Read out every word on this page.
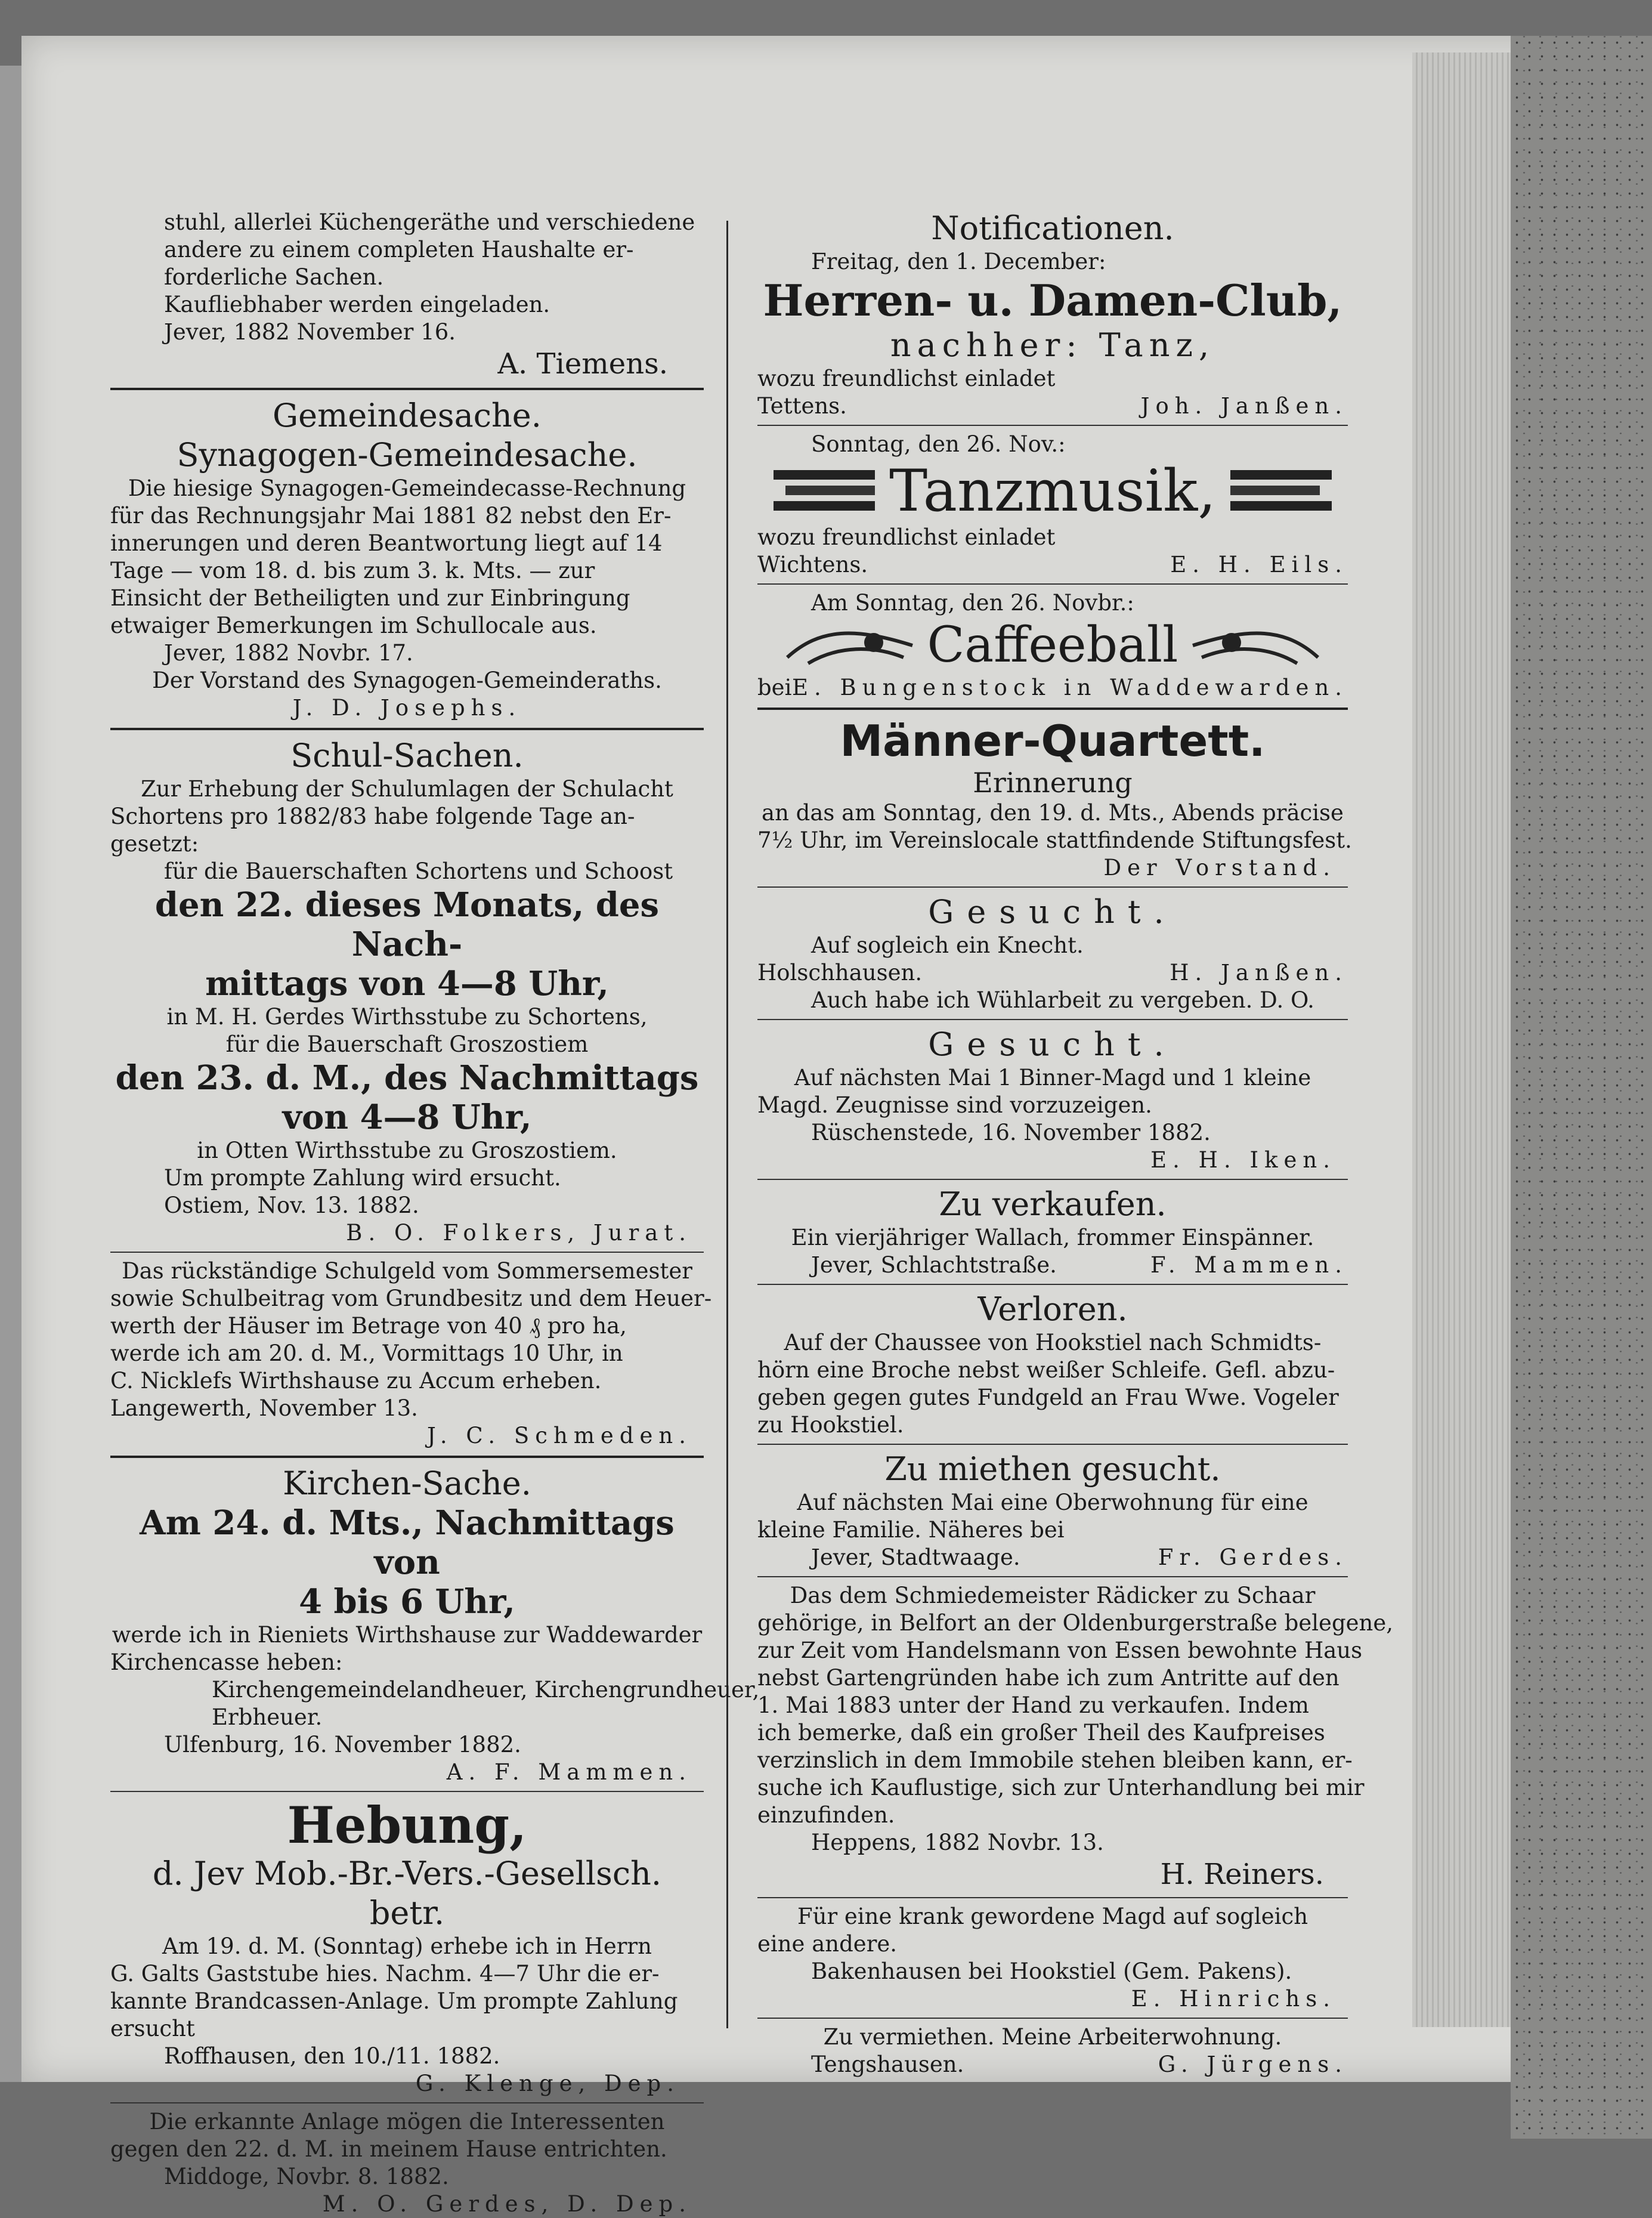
stuhl, allerlei Küchengeräthe und verschiedene
andere zu einem completen Haushalte er-
forderliche Sachen.
Kaufliebhaber werden eingeladen.
Jever, 1882 November 16.
A. Tiemens.
Gemeindesache.
Synagogen-Gemeindesache.
Die hiesige Synagogen-Gemeindecasse-Rechnung
für das Rechnungsjahr Mai 1881 82 nebst den Er-
innerungen und deren Beantwortung liegt auf 14
Tage — vom 18. d. bis zum 3. k. Mts. — zur
Einsicht der Betheiligten und zur Einbringung
etwaiger Bemerkungen im Schullocale aus.
Jever, 1882 Novbr. 17.
Der Vorstand des Synagogen-Gemeinderaths.
J. D. Josephs.
Schul-Sachen.
Zur Erhebung der Schulumlagen der Schulacht
Schortens pro 1882/83 habe folgende Tage an-
gesetzt:
für die Bauerschaften Schortens und Schoost
den 22. dieses Monats, des Nach-
mittags von 4—8 Uhr,
in M. H. Gerdes Wirthsstube zu Schortens,
für die Bauerschaft Groszostiem
den 23. d. M., des Nachmittags
von 4—8 Uhr,
in Otten Wirthsstube zu Groszostiem.
Um prompte Zahlung wird ersucht.
Ostiem, Nov. 13. 1882.
B. O. Folkers, Jurat.
Das rückständige Schulgeld vom Sommersemester
sowie Schulbeitrag vom Grundbesitz und dem Heuer-
werth der Häuser im Betrage von 40 ₰ pro ha,
werde ich am 20. d. M., Vormittags 10 Uhr, in
C. Nicklefs Wirthshause zu Accum erheben.
Langewerth, November 13.
J. C. Schmeden.
Kirchen-Sache.
Am 24. d. Mts., Nachmittags von
4 bis 6 Uhr,
werde ich in Rieniets Wirthshause zur Waddewarder
Kirchencasse heben:
Kirchengemeindelandheuer, Kirchengrundheuer,
Erbheuer.
Ulfenburg, 16. November 1882.
A. F. Mammen.
Hebung,
d. Jev Mob.-Br.-Vers.-Gesellsch. betr.
Am 19. d. M. (Sonntag) erhebe ich in Herrn
G. Galts Gaststube hies. Nachm. 4—7 Uhr die er-
kannte Brandcassen-Anlage. Um prompte Zahlung
ersucht
Roffhausen, den 10./11. 1882.
G. Klenge, Dep.
Die erkannte Anlage mögen die Interessenten
gegen den 22. d. M. in meinem Hause entrichten.
Middoge, Novbr. 8. 1882.
M. O. Gerdes, D. Dep.
Notificationen.
Freitag, den 1. December:
Herren- u. Damen-Club,
nachher: Tanz,
wozu freundlichst einladet
Tettens.	Joh. Janßen.
Sonntag, den 26. Nov.:
Tanzmusik,
wozu freundlichst einladet
Wichtens.	E. H. Eils.
Am Sonntag, den 26. Novbr.:
Caffeeball
bei E. Bungenstock in Waddewarden.
Männer-Quartett.
Erinnerung
an das am Sonntag, den 19. d. Mts., Abends präcise
7½ Uhr, im Vereinslocale stattfindende Stiftungsfest.
Der Vorstand.
Gesucht.
Auf sogleich ein Knecht.
Holschhausen.	H. Janßen.
Auch habe ich Wühlarbeit zu vergeben. D. O.
Gesucht.
Auf nächsten Mai 1 Binner-Magd und 1 kleine
Magd. Zeugnisse sind vorzuzeigen.
Rüschenstede, 16. November 1882.
E. H. Iken.
Zu verkaufen.
Ein vierjähriger Wallach, frommer Einspänner.
Jever, Schlachtstraße.	F. Mammen.
Verloren.
Auf der Chaussee von Hookstiel nach Schmidts-
hörn eine Broche nebst weißer Schleife. Gefl. abzu-
geben gegen gutes Fundgeld an Frau Wwe. Vogeler
zu Hookstiel.
Zu miethen gesucht.
Auf nächsten Mai eine Oberwohnung für eine
kleine Familie. Näheres bei
Jever, Stadtwaage.	Fr. Gerdes.
Das dem Schmiedemeister Rädicker zu Schaar
gehörige, in Belfort an der Oldenburgerstraße belegene,
zur Zeit vom Handelsmann von Essen bewohnte Haus
nebst Gartengründen habe ich zum Antritte auf den
1. Mai 1883 unter der Hand zu verkaufen. Indem
ich bemerke, daß ein großer Theil des Kaufpreises
verzinslich in dem Immobile stehen bleiben kann, er-
suche ich Kauflustige, sich zur Unterhandlung bei mir
einzufinden.
Heppens, 1882 Novbr. 13.
H. Reiners.
Für eine krank gewordene Magd auf sogleich
eine andere.
Bakenhausen bei Hookstiel (Gem. Pakens).
E. Hinrichs.
Zu vermiethen. Meine Arbeiterwohnung.
Tengshausen.	G. Jürgens.
